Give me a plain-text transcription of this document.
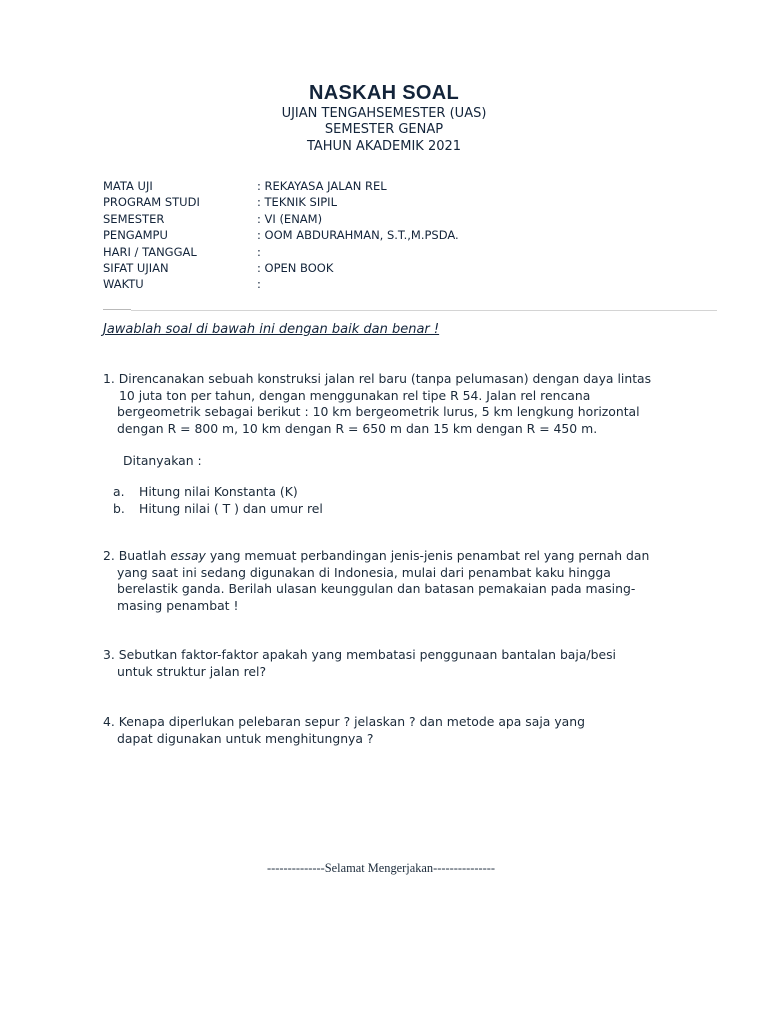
NASKAH SOAL
UJIAN TENGAHSEMESTER (UAS)
SEMESTER GENAP
TAHUN AKADEMIK 2021
MATA UJI	: REKAYASA JALAN REL
PROGRAM STUDI	: TEKNIK SIPIL
SEMESTER	: VI (ENAM)
PENGAMPU	: OOM ABDURAHMAN, S.T.,M.PSDA.
HARI / TANGGAL	:
SIFAT UJIAN	: OPEN BOOK
WAKTU	:
Jawablah soal di bawah ini dengan baik dan benar !
1. Direncanakan sebuah konstruksi jalan rel baru (tanpa pelumasan) dengan daya lintas
10 juta ton per tahun, dengan menggunakan rel tipe R 54. Jalan rel rencana
bergeometrik sebagai berikut : 10 km bergeometrik lurus, 5 km lengkung horizontal
dengan R = 800 m, 10 km dengan R = 650 m dan 15 km dengan R = 450 m.
Ditanyakan :
a.	Hitung nilai Konstanta (K)
b.	Hitung nilai ( T ) dan umur rel
2. Buatlah essay yang memuat perbandingan jenis-jenis penambat rel yang pernah dan
yang saat ini sedang digunakan di Indonesia, mulai dari penambat kaku hingga
berelastik ganda. Berilah ulasan keunggulan dan batasan pemakaian pada masing-
masing penambat !
3. Sebutkan faktor-faktor apakah yang membatasi penggunaan bantalan baja/besi
untuk struktur jalan rel?
4. Kenapa diperlukan pelebaran sepur ? jelaskan ? dan metode apa saja yang
dapat digunakan untuk menghitungnya ?
--------------Selamat Mengerjakan---------------
